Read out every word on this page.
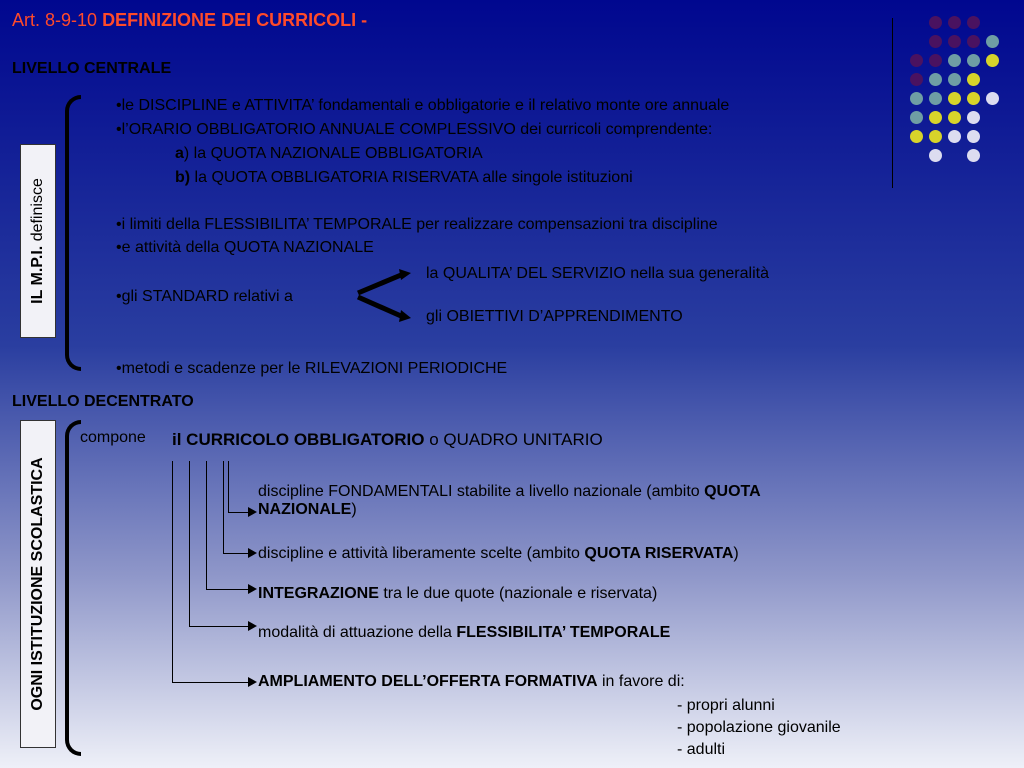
Art. 8-9-10 DEFINIZIONE DEI CURRICOLI -
LIVELLO CENTRALE
IL M.P.I. definisce
•le DISCIPLINE e ATTIVITA’ fondamentali e obbligatorie e il relativo monte ore annuale
•l’ORARIO OBBLIGATORIO ANNUALE COMPLESSIVO dei curricoli comprendente:
a) la QUOTA NAZIONALE OBBLIGATORIA
b) la QUOTA OBBLIGATORIA RISERVATA alle singole istituzioni
•i limiti della FLESSIBILITA’ TEMPORALE per realizzare compensazioni tra discipline
•e attività della QUOTA NAZIONALE
•gli STANDARD relativi a
la QUALITA’ DEL SERVIZIO nella sua generalità
gli OBIETTIVI D’APPRENDIMENTO
•metodi e scadenze per le RILEVAZIONI PERIODICHE
LIVELLO DECENTRATO
OGNI ISTITUZIONE SCOLASTICA
compone il CURRICOLO OBBLIGATORIO o QUADRO UNITARIO
discipline FONDAMENTALI stabilite a livello nazionale (ambito QUOTA
NAZIONALE)
discipline e attività liberamente scelte (ambito QUOTA RISERVATA)
INTEGRAZIONE tra le due quote (nazionale e riservata)
modalità di attuazione della FLESSIBILITA’ TEMPORALE
AMPLIAMENTO DELL’OFFERTA FORMATIVA in favore di:
- propri alunni
- popolazione giovanile
- adulti
